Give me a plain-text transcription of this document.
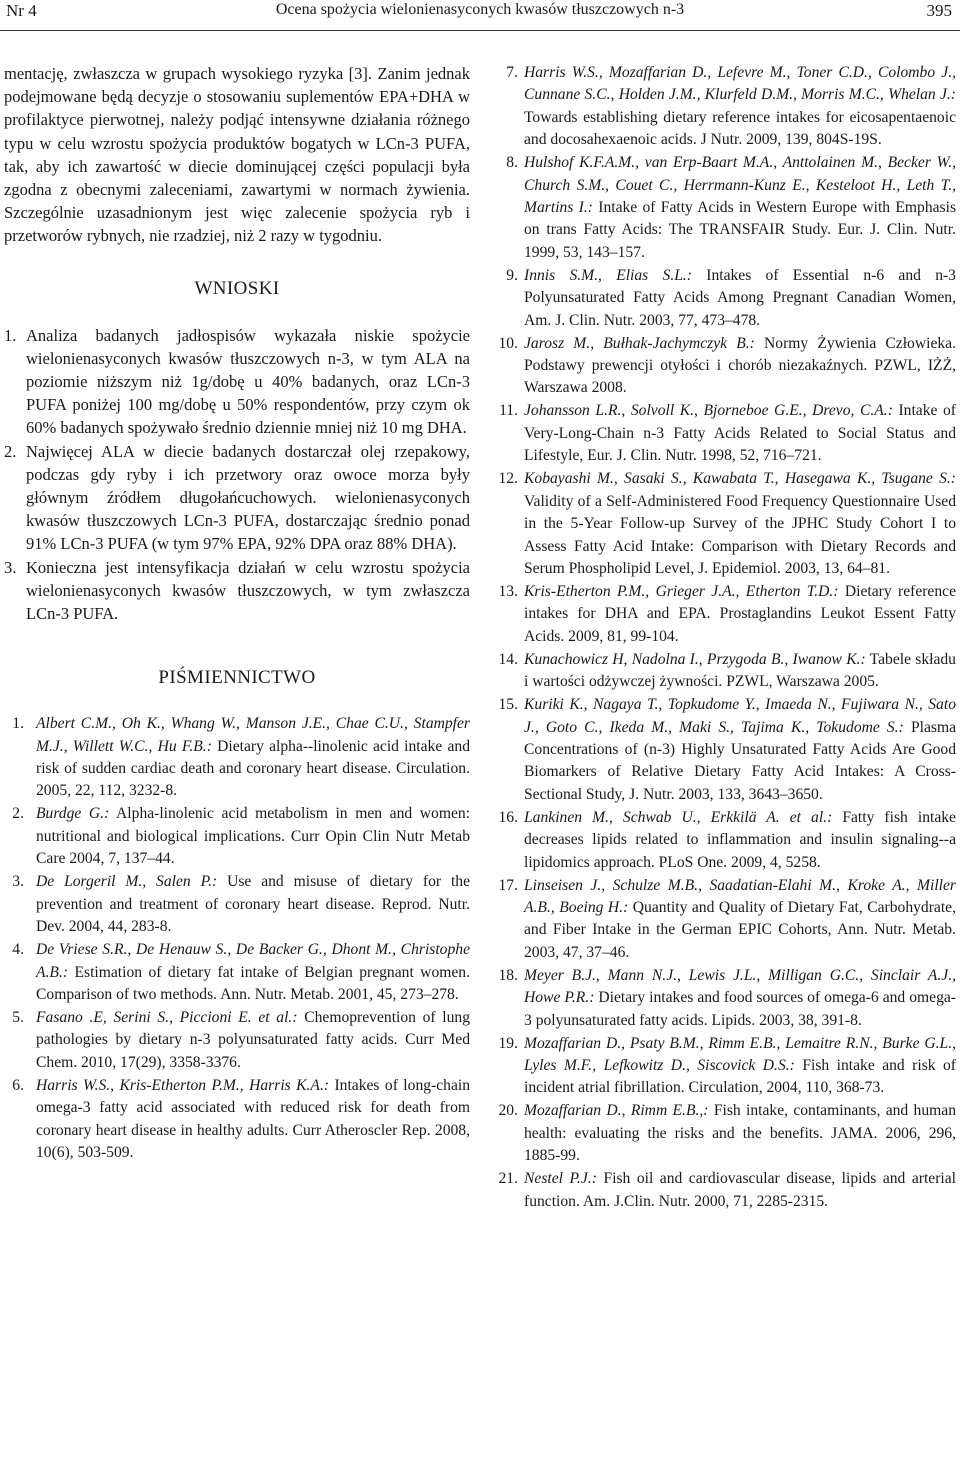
Nr 4	Ocena spożycia wielonienasyconych kwasów tłuszczowych n-3	395

mentację, zwłaszcza w grupach wysokiego ryzyka [3]. Zanim jednak podejmowane będą decyzje o stosowaniu suplementów EPA+DHA w profilaktyce pierwotnej, należy podjąć intensywne działania różnego typu w celu wzrostu spożycia produktów bogatych w LCn-3 PUFA, tak, aby ich zawartość w diecie dominującej części populacji była zgodna z obecnymi zaleceniami, zawartymi w normach żywienia. Szczególnie uzasadnionym jest więc zalecenie spożycia ryb i przetworów rybnych, nie rzadziej, niż 2 razy w tygodniu.

WNIOSKI

1. Analiza badanych jadłospisów wykazała niskie spożycie wielonienasyconych kwasów tłuszczowych n-3, w tym ALA na poziomie niższym niż 1g/dobę u 40% badanych, oraz LCn-3 PUFA poniżej 100 mg/dobę u 50% respondentów, przy czym ok 60% badanych spożywało średnio dziennie mniej niż 10 mg DHA.

2. Najwięcej ALA w diecie badanych dostarczał olej rzepakowy, podczas gdy ryby i ich przetwory oraz owoce morza były głównym źródłem długołańcuchowych. wielonienasyconych kwasów tłuszczowych LCn-3 PUFA, dostarczając średnio ponad 91% LCn-3 PUFA (w tym 97% EPA, 92% DPA oraz 88% DHA).

3. Konieczna jest intensyfikacja działań w celu wzrostu spożycia wielonienasyconych kwasów tłuszczowych, w tym zwłaszcza LCn-3 PUFA.

PIŚMIENNICTWO

1. Albert C.M., Oh K., Whang W., Manson J.E., Chae C.U., Stampfer M.J., Willett W.C., Hu F.B.: Dietary alpha--linolenic acid intake and risk of sudden cardiac death and coronary heart disease. Circulation. 2005, 22, 112, 3232-8.

2. Burdge G.: Alpha-linolenic acid metabolism in men and women: nutritional and biological implications. Curr Opin Clin Nutr Metab Care 2004, 7, 137–44.

3. De Lorgeril M., Salen P.: Use and misuse of dietary for the prevention and treatment of coronary heart disease. Reprod. Nutr. Dev. 2004, 44, 283-8.

4. De Vriese S.R., De Henauw S., De Backer G., Dhont M., Christophe A.B.: Estimation of dietary fat intake of Belgian pregnant women. Comparison of two methods. Ann. Nutr. Metab. 2001, 45, 273–278.

5. Fasano .E, Serini S., Piccioni E. et al.: Chemoprevention of lung pathologies by dietary n-3 polyunsaturated fatty acids. Curr Med Chem. 2010, 17(29), 3358-3376.

6. Harris W.S., Kris-Etherton P.M., Harris K.A.: Intakes of long-chain omega-3 fatty acid associated with reduced risk for death from coronary heart disease in healthy adults. Curr Atheroscler Rep. 2008, 10(6), 503-509.

7. Harris W.S., Mozaffarian D., Lefevre M., Toner C.D., Colombo J., Cunnane S.C., Holden J.M., Klurfeld D.M., Morris M.C., Whelan J.: Towards establishing dietary reference intakes for eicosapentaenoic and docosahexaenoic acids. J Nutr. 2009, 139, 804S-19S.

8. Hulshof K.F.A.M., van Erp-Baart M.A., Anttolainen M., Becker W., Church S.M., Couet C., Herrmann-Kunz E., Kesteloot H., Leth T., Martins I.: Intake of Fatty Acids in Western Europe with Emphasis on trans Fatty Acids: The TRANSFAIR Study. Eur. J. Clin. Nutr. 1999, 53, 143–157.

9. Innis S.M., Elias S.L.: Intakes of Essential n-6 and n-3 Polyunsaturated Fatty Acids Among Pregnant Canadian Women, Am. J. Clin. Nutr. 2003, 77, 473–478.

10. Jarosz M., Bułhak-Jachymczyk B.: Normy Żywienia Człowieka. Podstawy prewencji otyłości i chorób niezakaźnych. PZWL, IŻŻ, Warszawa 2008.

11. Johansson L.R., Solvoll K., Bjorneboe G.E., Drevo, C.A.: Intake of Very-Long-Chain n-3 Fatty Acids Related to Social Status and Lifestyle, Eur. J. Clin. Nutr. 1998, 52, 716–721.

12. Kobayashi M., Sasaki S., Kawabata T., Hasegawa K., Tsugane S.: Validity of a Self-Administered Food Frequency Questionnaire Used in the 5-Year Follow-up Survey of the JPHC Study Cohort I to Assess Fatty Acid Intake: Comparison with Dietary Records and Serum Phospholipid Level, J. Epidemiol. 2003, 13, 64–81.

13. Kris-Etherton P.M., Grieger J.A., Etherton T.D.: Dietary reference intakes for DHA and EPA. Prostaglandins Leukot Essent Fatty Acids. 2009, 81, 99-104.

14. Kunachowicz H, Nadolna I., Przygoda B., Iwanow K.: Tabele składu i wartości odżywczej żywności. PZWL, Warszawa 2005.

15. Kuriki K., Nagaya T., Topkudome Y., Imaeda N., Fujiwara N., Sato J., Goto C., Ikeda M., Maki S., Tajima K., Tokudome S.: Plasma Concentrations of (n-3) Highly Unsaturated Fatty Acids Are Good Biomarkers of Relative Dietary Fatty Acid Intakes: A Cross-Sectional Study, J. Nutr. 2003, 133, 3643–3650.

16. Lankinen M., Schwab U., Erkkilä A. et al.: Fatty fish intake decreases lipids related to inflammation and insulin signaling--a lipidomics approach. PLoS One. 2009, 4, 5258.

17. Linseisen J., Schulze M.B., Saadatian-Elahi M., Kroke A., Miller A.B., Boeing H.: Quantity and Quality of Dietary Fat, Carbohydrate, and Fiber Intake in the German EPIC Cohorts, Ann. Nutr. Metab. 2003, 47, 37–46.

18. Meyer B.J., Mann N.J., Lewis J.L., Milligan G.C., Sinclair A.J., Howe P.R.: Dietary intakes and food sources of omega-6 and omega-3 polyunsaturated fatty acids. Lipids. 2003, 38, 391-8.

19. Mozaffarian D., Psaty B.M., Rimm E.B., Lemaitre R.N., Burke G.L., Lyles M.F., Lefkowitz D., Siscovick D.S.: Fish intake and risk of incident atrial fibrillation. Circulation, 2004, 110, 368-73.

20. Mozaffarian D., Rimm E.B.,: Fish intake, contaminants, and human health: evaluating the risks and the benefits. JAMA. 2006, 296, 1885-99.

21. Nestel P.J.: Fish oil and cardiovascular disease, lipids and arterial function. Am. J.Clin. Nutr. 2000, 71, 2285-2315.
